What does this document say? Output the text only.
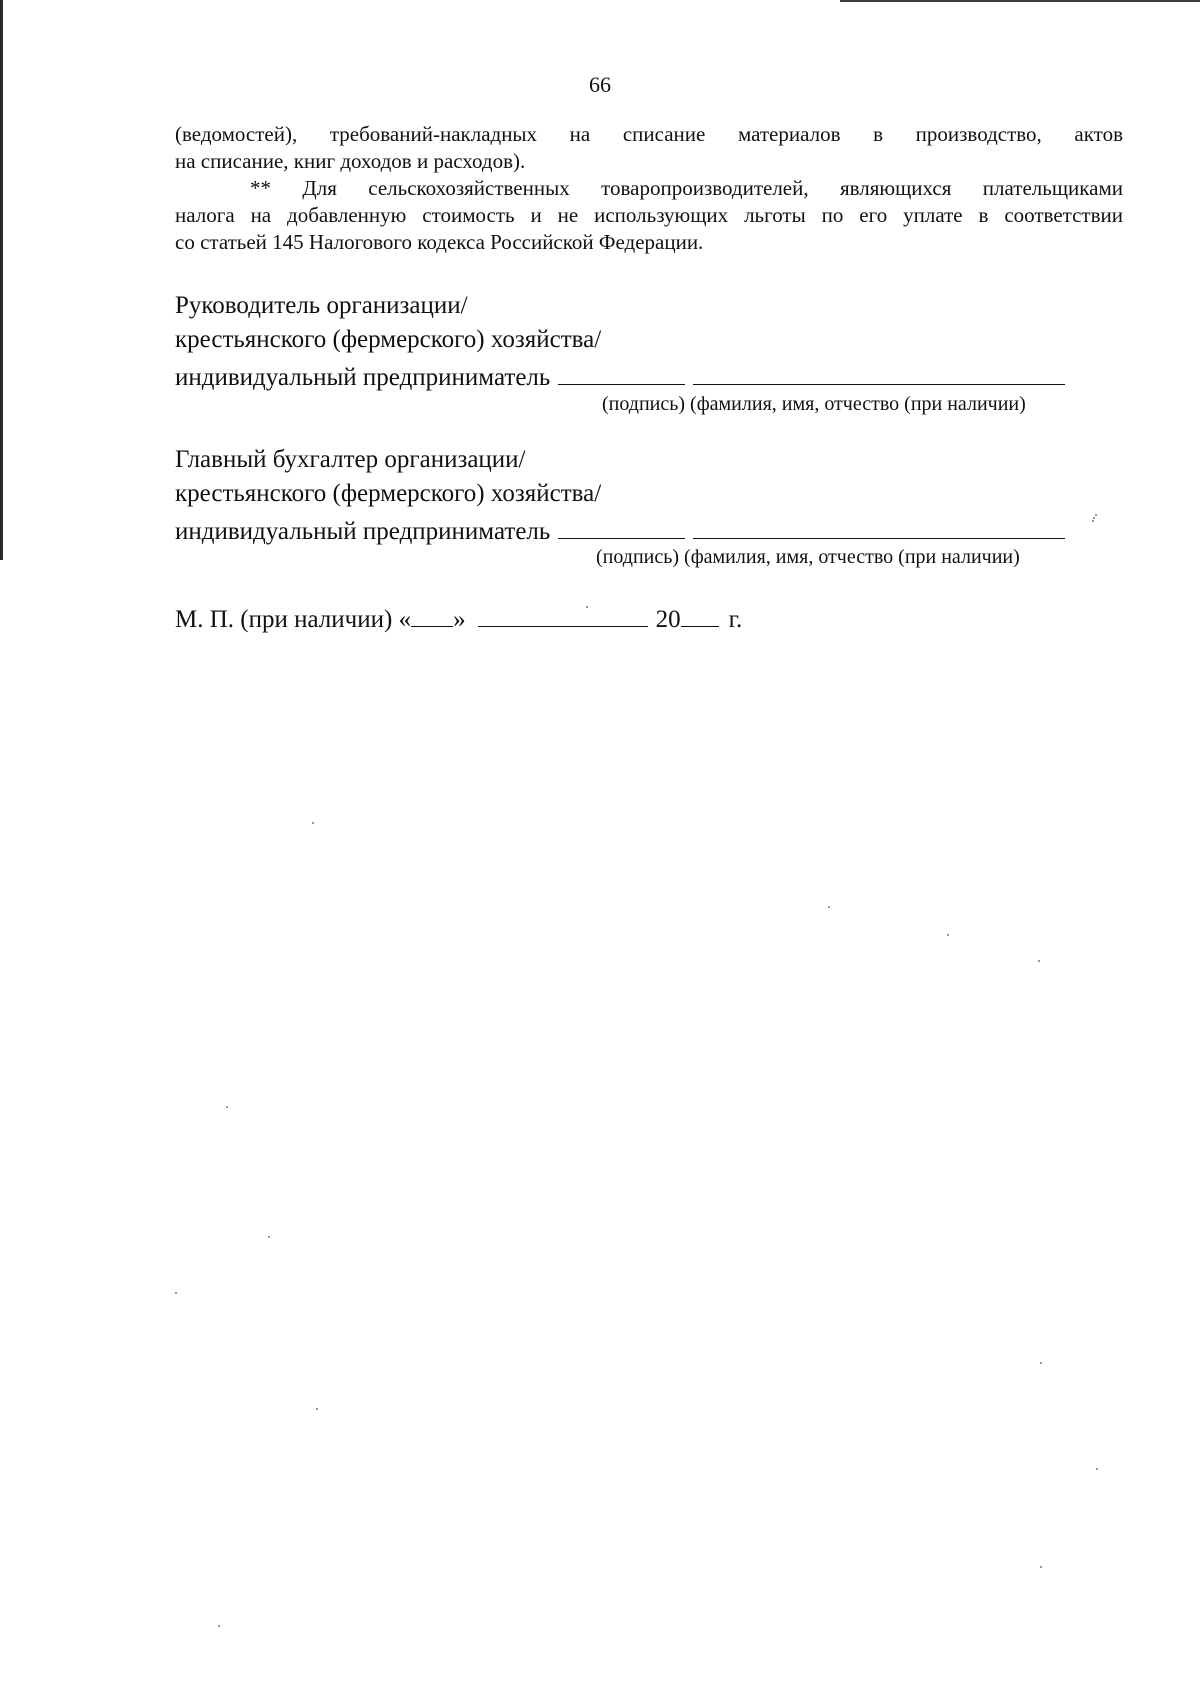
66
(ведомостей), требований-накладных на списание материалов в производство, актов
на списание, книг доходов и расходов).
** Для сельскохозяйственных товаропроизводителей, являющихся плательщиками
налога на добавленную стоимость и не использующих льготы по его уплате в соответствии
со статьей 145 Налогового кодекса Российской Федерации.
Руководитель организации/
крестьянского (фермерского) хозяйства/
индивидуальный предприниматель
(подпись) (фамилия, имя, отчество (при наличии)
Главный бухгалтер организации/
крестьянского (фермерского) хозяйства/
индивидуальный предприниматель
(подпись) (фамилия, имя, отчество (при наличии)
М. П. (при наличии) « »	20 г.
